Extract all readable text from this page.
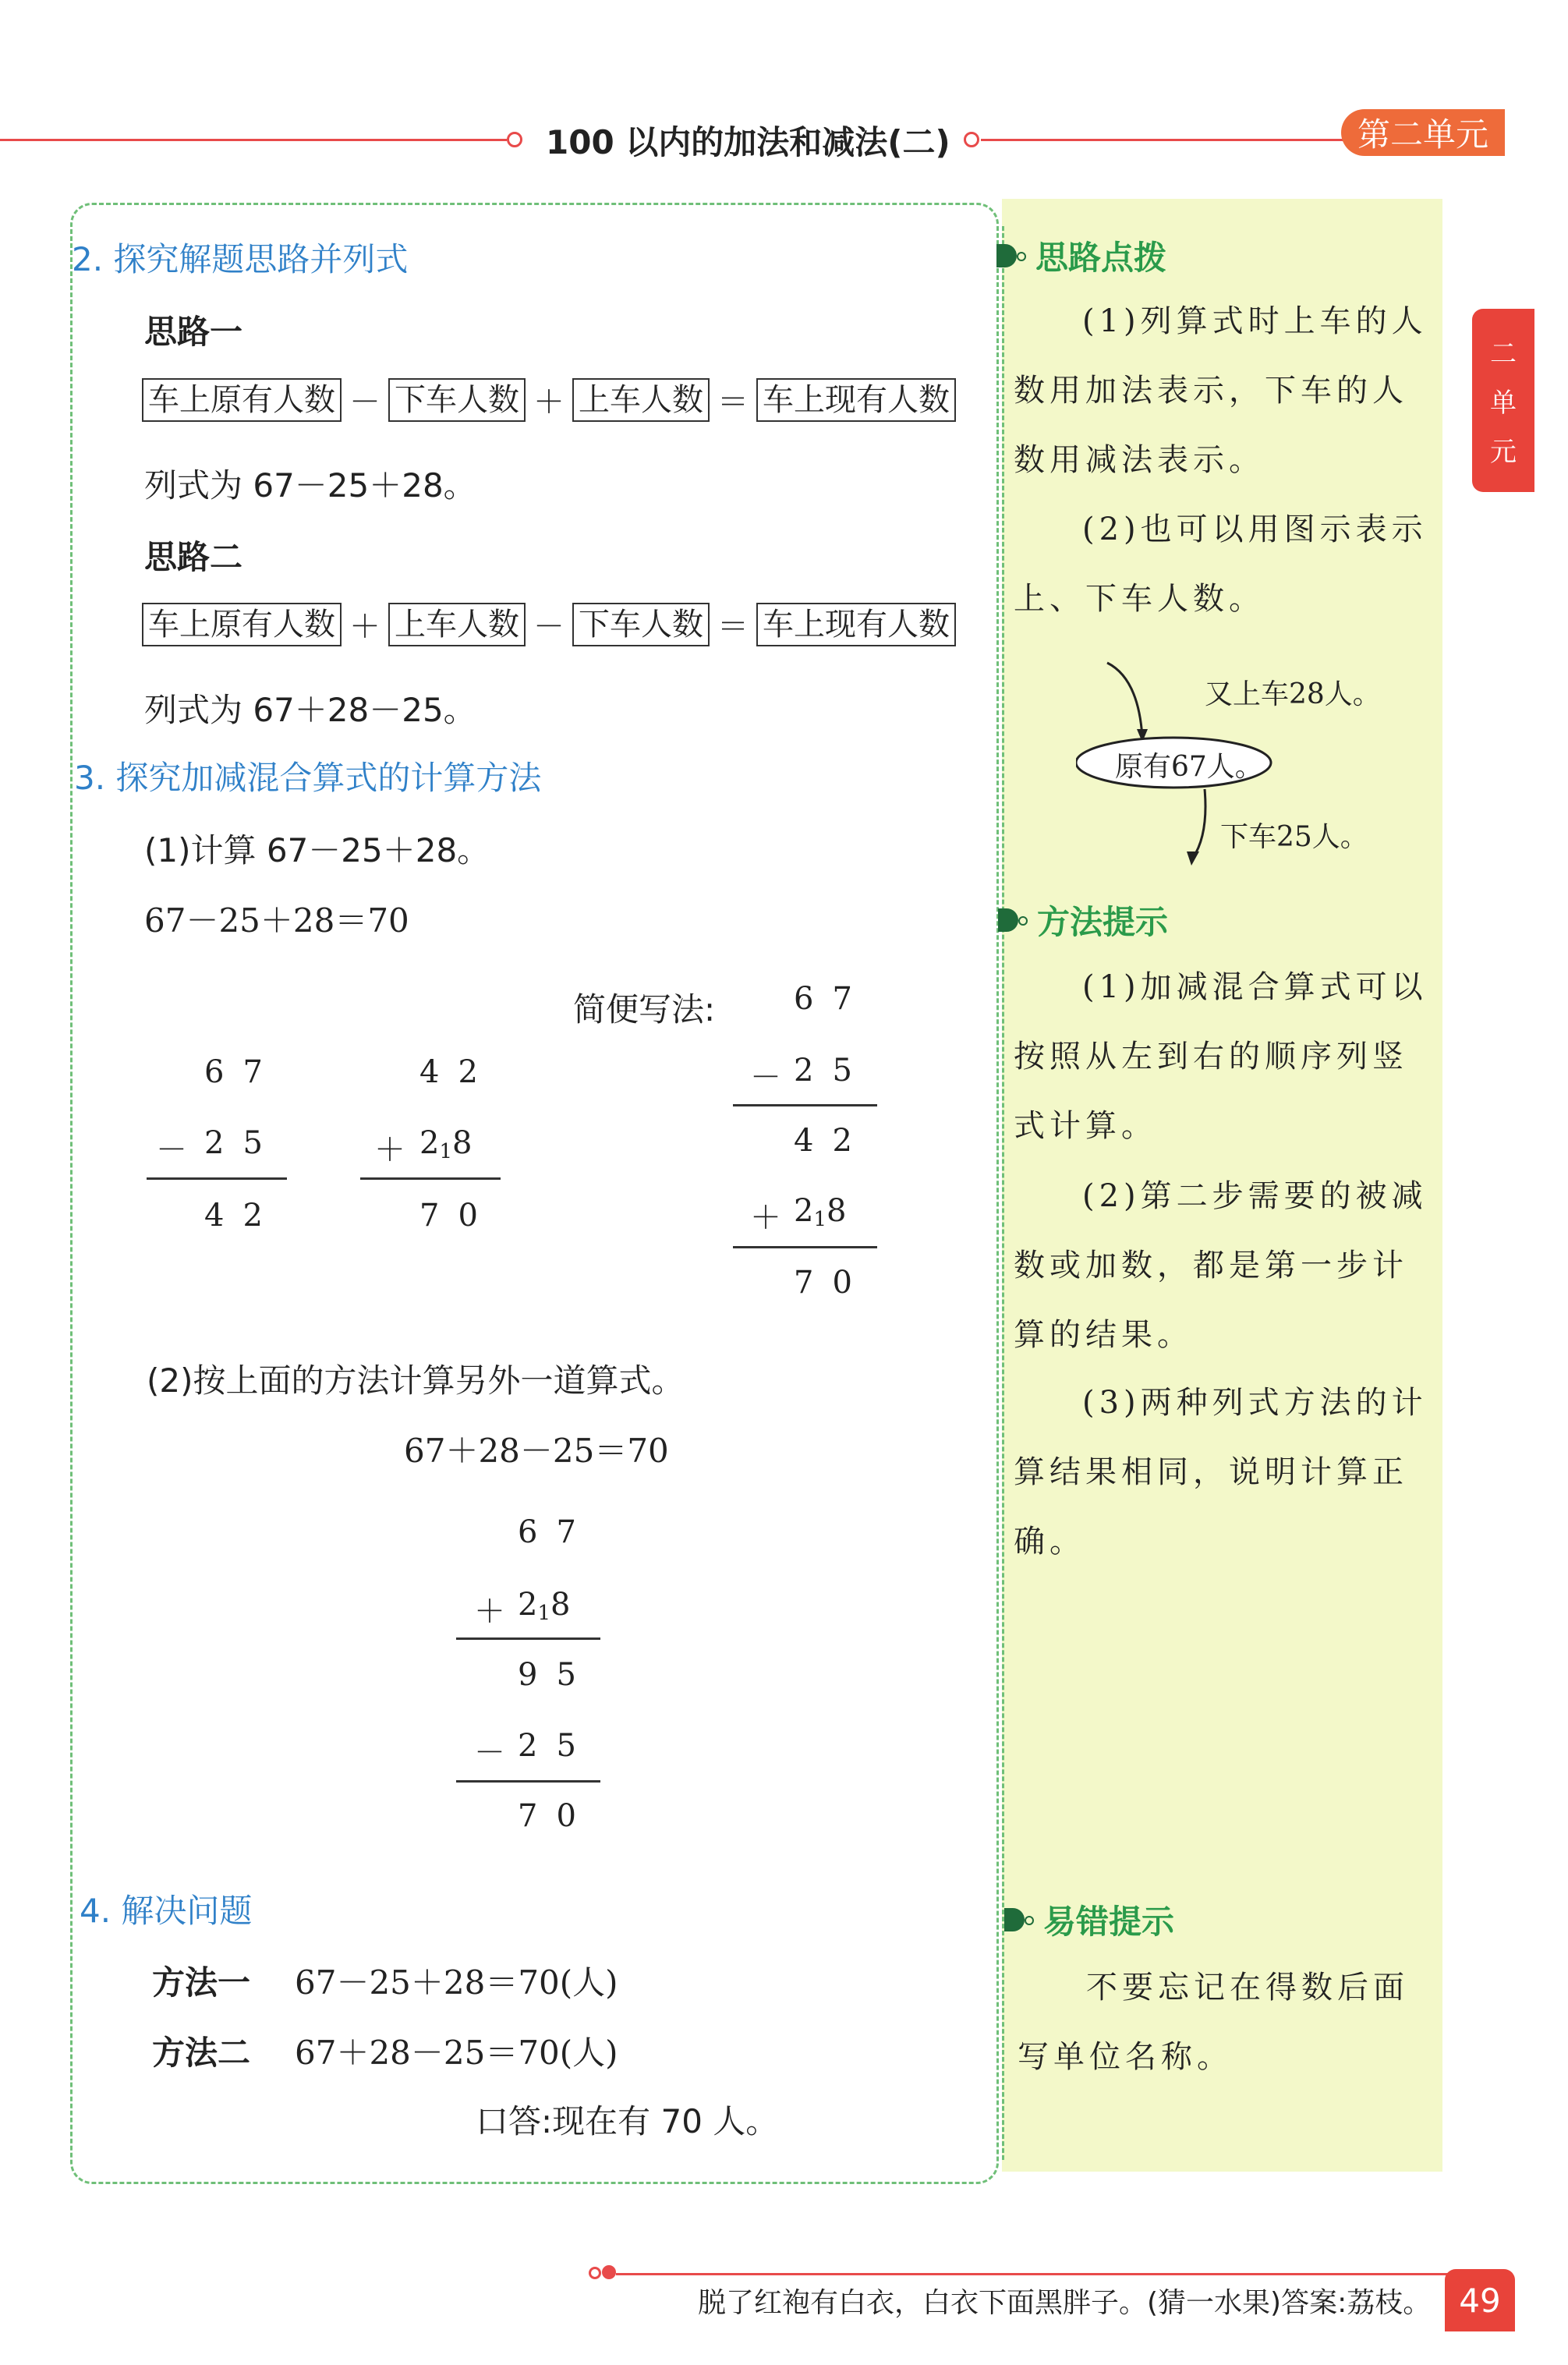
100 以内的加法和减法(二)	第二单元
二
单
元
2. 探究解题思路并列式
思路一
车上原有人数 － 下车人数 ＋ 上车人数 ＝ 车上现有人数
列式为 67－25＋28。
思路二
车上原有人数 ＋ 上车人数 － 下车人数 ＝ 车上现有人数
列式为 67＋28－25。
3. 探究加减混合算式的计算方法
(1)计算 67－25＋28。
67－25＋28＝70
简便写法:
67
－ 25
42
42
＋ 218
70
67
－ 25
42
＋ 218
70
(2)按上面的方法计算另外一道算式。
67＋28－25＝70
67
＋ 218
95
－ 25
70
4. 解决问题
方法一 67－25＋28＝70(人)
方法二 67＋28－25＝70(人)
口答:现在有 70 人。
思路点拨
(1)列算式时上车的人数用加法表示，下车的人数用减法表示。
(2)也可以用图示表示上、下车人数。
又上车28人。
原有67人。
下车25人。
方法提示
(1)加减混合算式可以按照从左到右的顺序列竖式计算。
(2)第二步需要的被减数或加数，都是第一步计算的结果。
(3)两种列式方法的计算结果相同，说明计算正确。
易错提示
不要忘记在得数后面写单位名称。
脱了红袍有白衣，白衣下面黑胖子。(猜一水果)答案:荔枝。 49
